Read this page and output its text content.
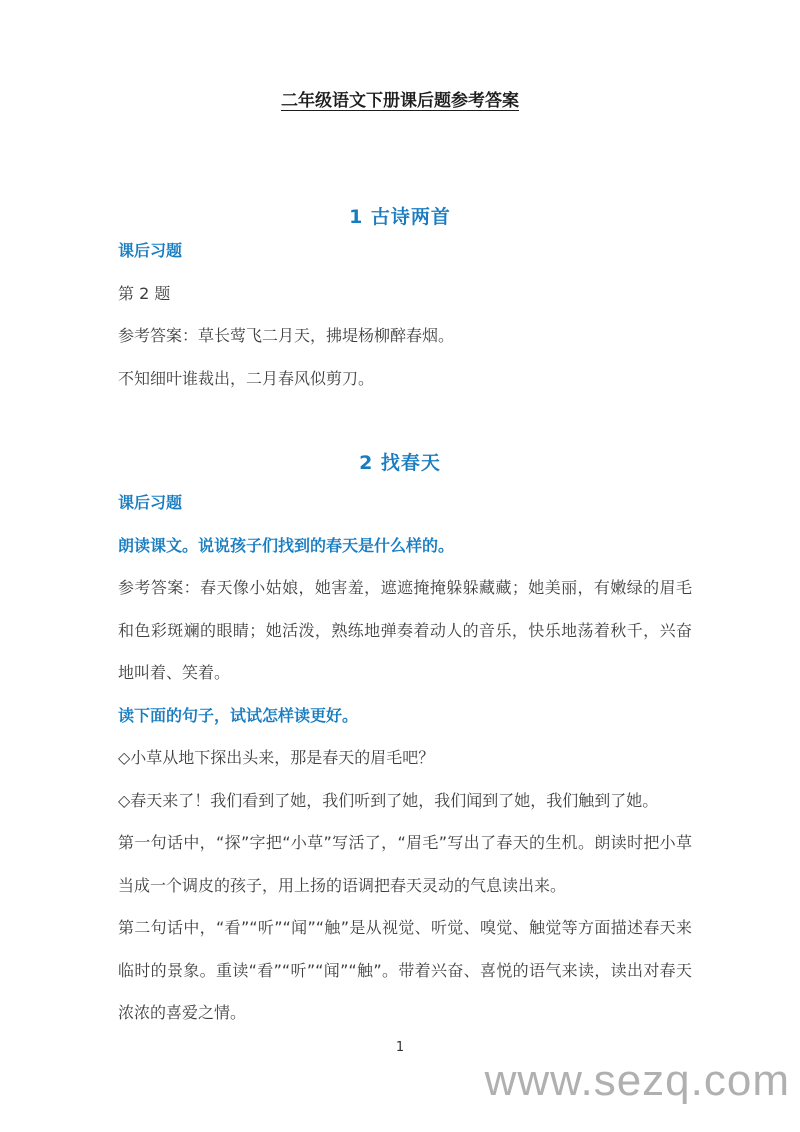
二年级语文下册课后题参考答案
1 古诗两首

课后习题

第 2 题

参考答案：草长莺飞二月天，拂堤杨柳醉春烟。

不知细叶谁裁出，二月春风似剪刀。

2 找春天

课后习题

朗读课文。说说孩子们找到的春天是什么样的。

参考答案：春天像小姑娘，她害羞，遮遮掩掩躲躲藏藏；她美丽，有嫩绿的眉毛和色彩斑斓的眼睛；她活泼，熟练地弹奏着动人的音乐，快乐地荡着秋千，兴奋地叫着、笑着。

读下面的句子，试试怎样读更好。

◇小草从地下探出头来，那是春天的眉毛吧？

◇春天来了！我们看到了她，我们听到了她，我们闻到了她，我们触到了她。

第一句话中，“探”字把“小草”写活了，“眉毛”写出了春天的生机。朗读时把小草当成一个调皮的孩子，用上扬的语调把春天灵动的气息读出来。

第二句话中，“看”“听”“闻”“触”是从视觉、听觉、嗅觉、触觉等方面描述春天来临时的景象。重读“看”“听”“闻”“触”。带着兴奋、喜悦的语气来读，读出对春天浓浓的喜爱之情。

1
www.sezq.com
